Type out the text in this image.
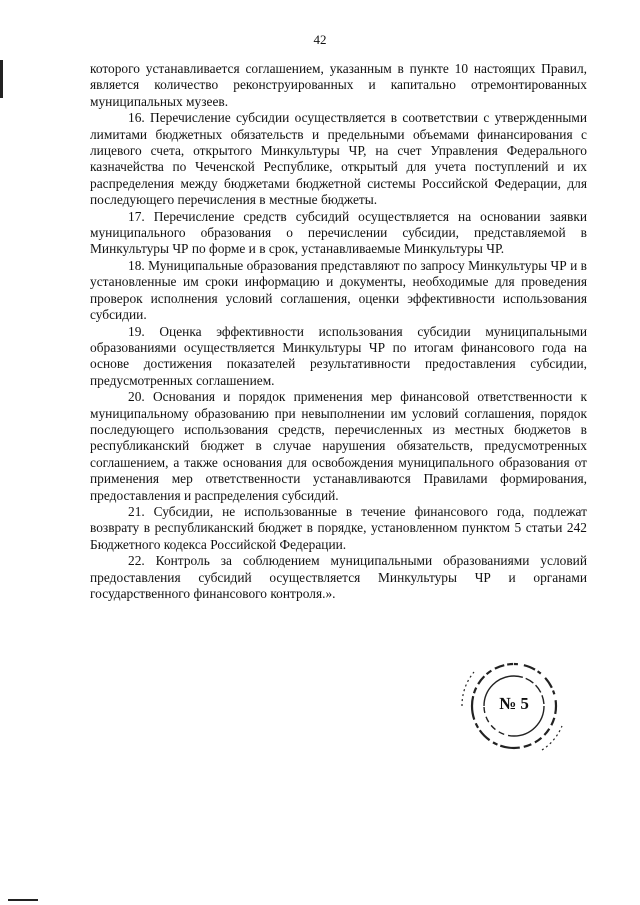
42

которого устанавливается соглашением, указанным в пункте 10 настоящих Правил, является количество реконструированных и капитально отремонтированных муниципальных музеев.

16. Перечисление субсидии осуществляется в соответствии с утвержденными лимитами бюджетных обязательств и предельными объемами финансирования с лицевого счета, открытого Минкультуры ЧР, на счет Управления Федерального казначейства по Чеченской Республике, открытый для учета поступлений и их распределения между бюджетами бюджетной системы Российской Федерации, для последующего перечисления в местные бюджеты.

17. Перечисление средств субсидий осуществляется на основании заявки муниципального образования о перечислении субсидии, представляемой в Минкультуры ЧР по форме и в срок, устанавливаемые Минкультуры ЧР.

18. Муниципальные образования представляют по запросу Минкультуры ЧР и в установленные им сроки информацию и документы, необходимые для проведения проверок исполнения условий соглашения, оценки эффективности использования субсидии.

19. Оценка эффективности использования субсидии муниципальными образованиями осуществляется Минкультуры ЧР по итогам финансового года на основе достижения показателей результативности предоставления субсидии, предусмотренных соглашением.

20. Основания и порядок применения мер финансовой ответственности к муниципальному образованию при невыполнении им условий соглашения, порядок последующего использования средств, перечисленных из местных бюджетов в республиканский бюджет в случае нарушения обязательств, предусмотренных соглашением, а также основания для освобождения муниципального образования от применения мер ответственности устанавливаются Правилами формирования, предоставления и распределения субсидий.

21. Субсидии, не использованные в течение финансового года, подлежат возврату в республиканский бюджет в порядке, установленном пунктом 5 статьи 242 Бюджетного кодекса Российской Федерации.

22. Контроль за соблюдением муниципальными образованиями условий предоставления субсидий осуществляется Минкультуры ЧР и органами государственного финансового контроля.».

№ 5
